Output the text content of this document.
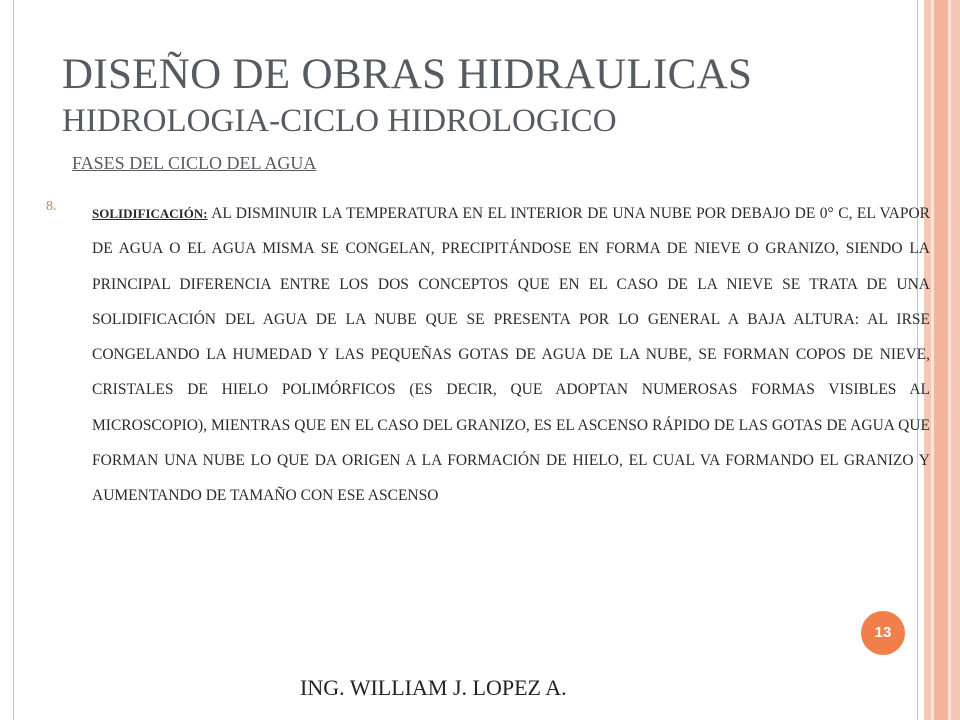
DISEÑO DE OBRAS HIDRAULICAS
HIDROLOGIA-CICLO HIDROLOGICO
FASES DEL CICLO DEL AGUA
8.	SOLIDIFICACIÓN: AL DISMINUIR LA TEMPERATURA EN EL INTERIOR DE UNA NUBE POR DEBAJO DE 0° C, EL VAPOR DE AGUA O EL AGUA MISMA SE CONGELAN, PRECIPITÁNDOSE EN FORMA DE NIEVE O GRANIZO, SIENDO LA PRINCIPAL DIFERENCIA ENTRE LOS DOS CONCEPTOS QUE EN EL CASO DE LA NIEVE SE TRATA DE UNA SOLIDIFICACIÓN DEL AGUA DE LA NUBE QUE SE PRESENTA POR LO GENERAL A BAJA ALTURA: AL IRSE CONGELANDO LA HUMEDAD Y LAS PEQUEÑAS GOTAS DE AGUA DE LA NUBE, SE FORMAN COPOS DE NIEVE, CRISTALES DE HIELO POLIMÓRFICOS (ES DECIR, QUE ADOPTAN NUMEROSAS FORMAS VISIBLES AL MICROSCOPIO), MIENTRAS QUE EN EL CASO DEL GRANIZO, ES EL ASCENSO RÁPIDO DE LAS GOTAS DE AGUA QUE FORMAN UNA NUBE LO QUE DA ORIGEN A LA FORMACIÓN DE HIELO, EL CUAL VA FORMANDO EL GRANIZO Y AUMENTANDO DE TAMAÑO CON ESE ASCENSO
13
ING. WILLIAM J. LOPEZ A.
